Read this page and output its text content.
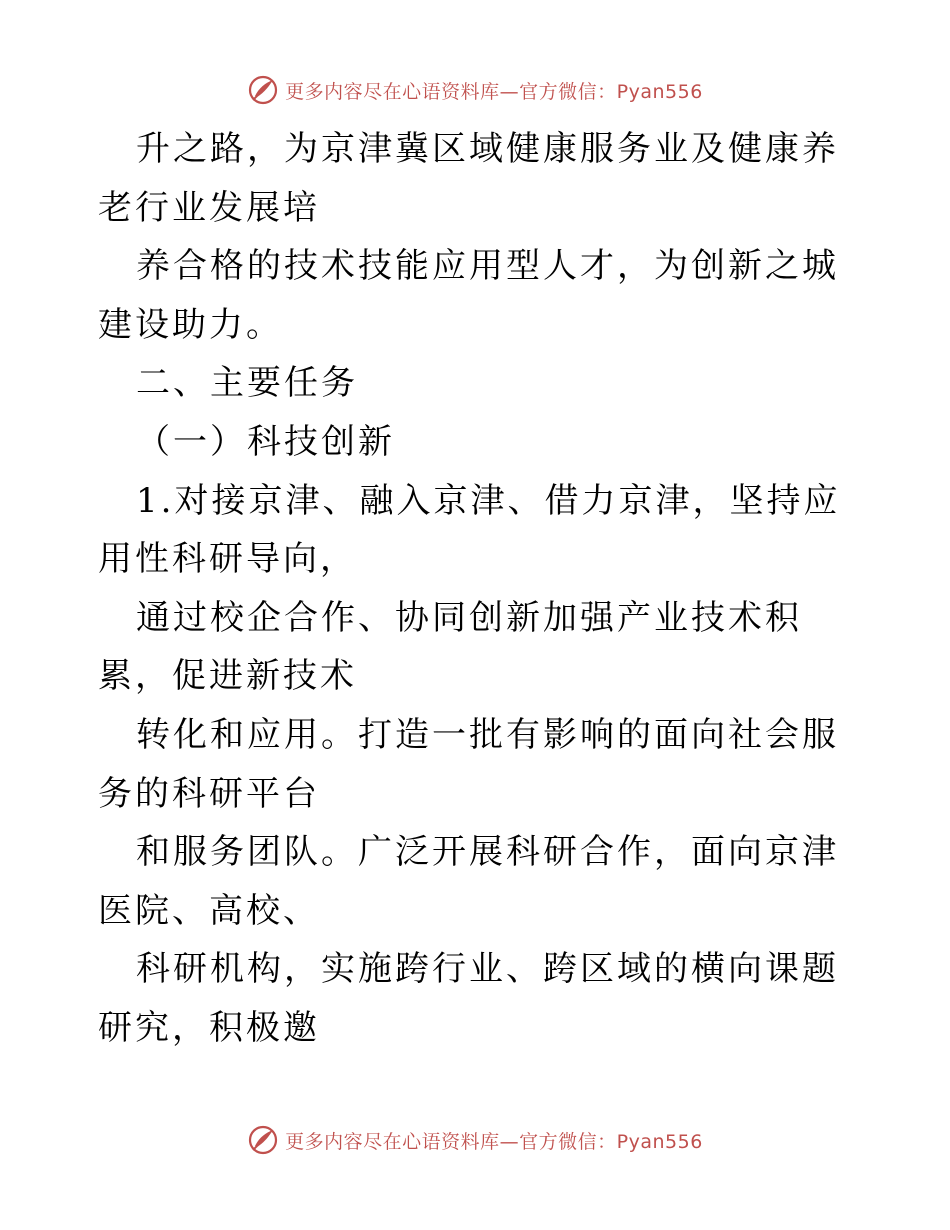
更多内容尽在心语资料库—官方微信：Pyan556

升之路，为京津冀区域健康服务业及健康养老行业发展培

养合格的技术技能应用型人才，为创新之城建设助力。

二、主要任务

（一）科技创新

1.对接京津、融入京津、借力京津，坚持应用性科研导向，

通过校企合作、协同创新加强产业技术积累，促进新技术

转化和应用。打造一批有影响的面向社会服务的科研平台

和服务团队。广泛开展科研合作，面向京津医院、高校、

科研机构，实施跨行业、跨区域的横向课题研究，积极邀

更多内容尽在心语资料库—官方微信：Pyan556
